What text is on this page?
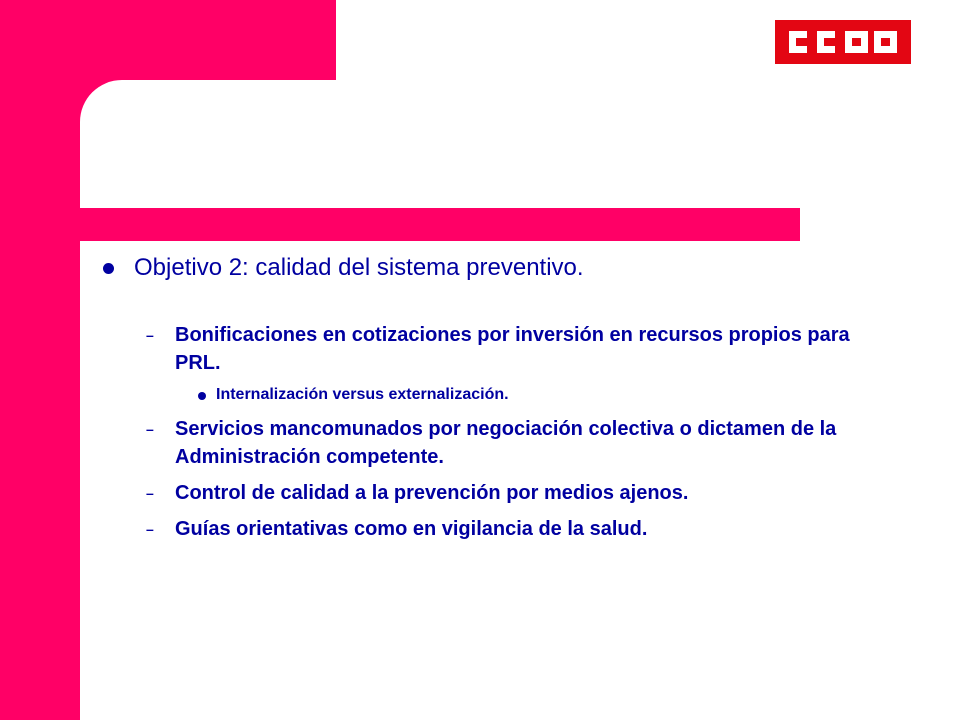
Objetivo 2: calidad del sistema preventivo.
– Bonificaciones en cotizaciones por inversión en recursos propios para PRL.
Internalización versus externalización.
– Servicios mancomunados por negociación colectiva o dictamen de la Administración competente.
– Control de calidad a la prevención por medios ajenos.
– Guías orientativas como en vigilancia de la salud.
